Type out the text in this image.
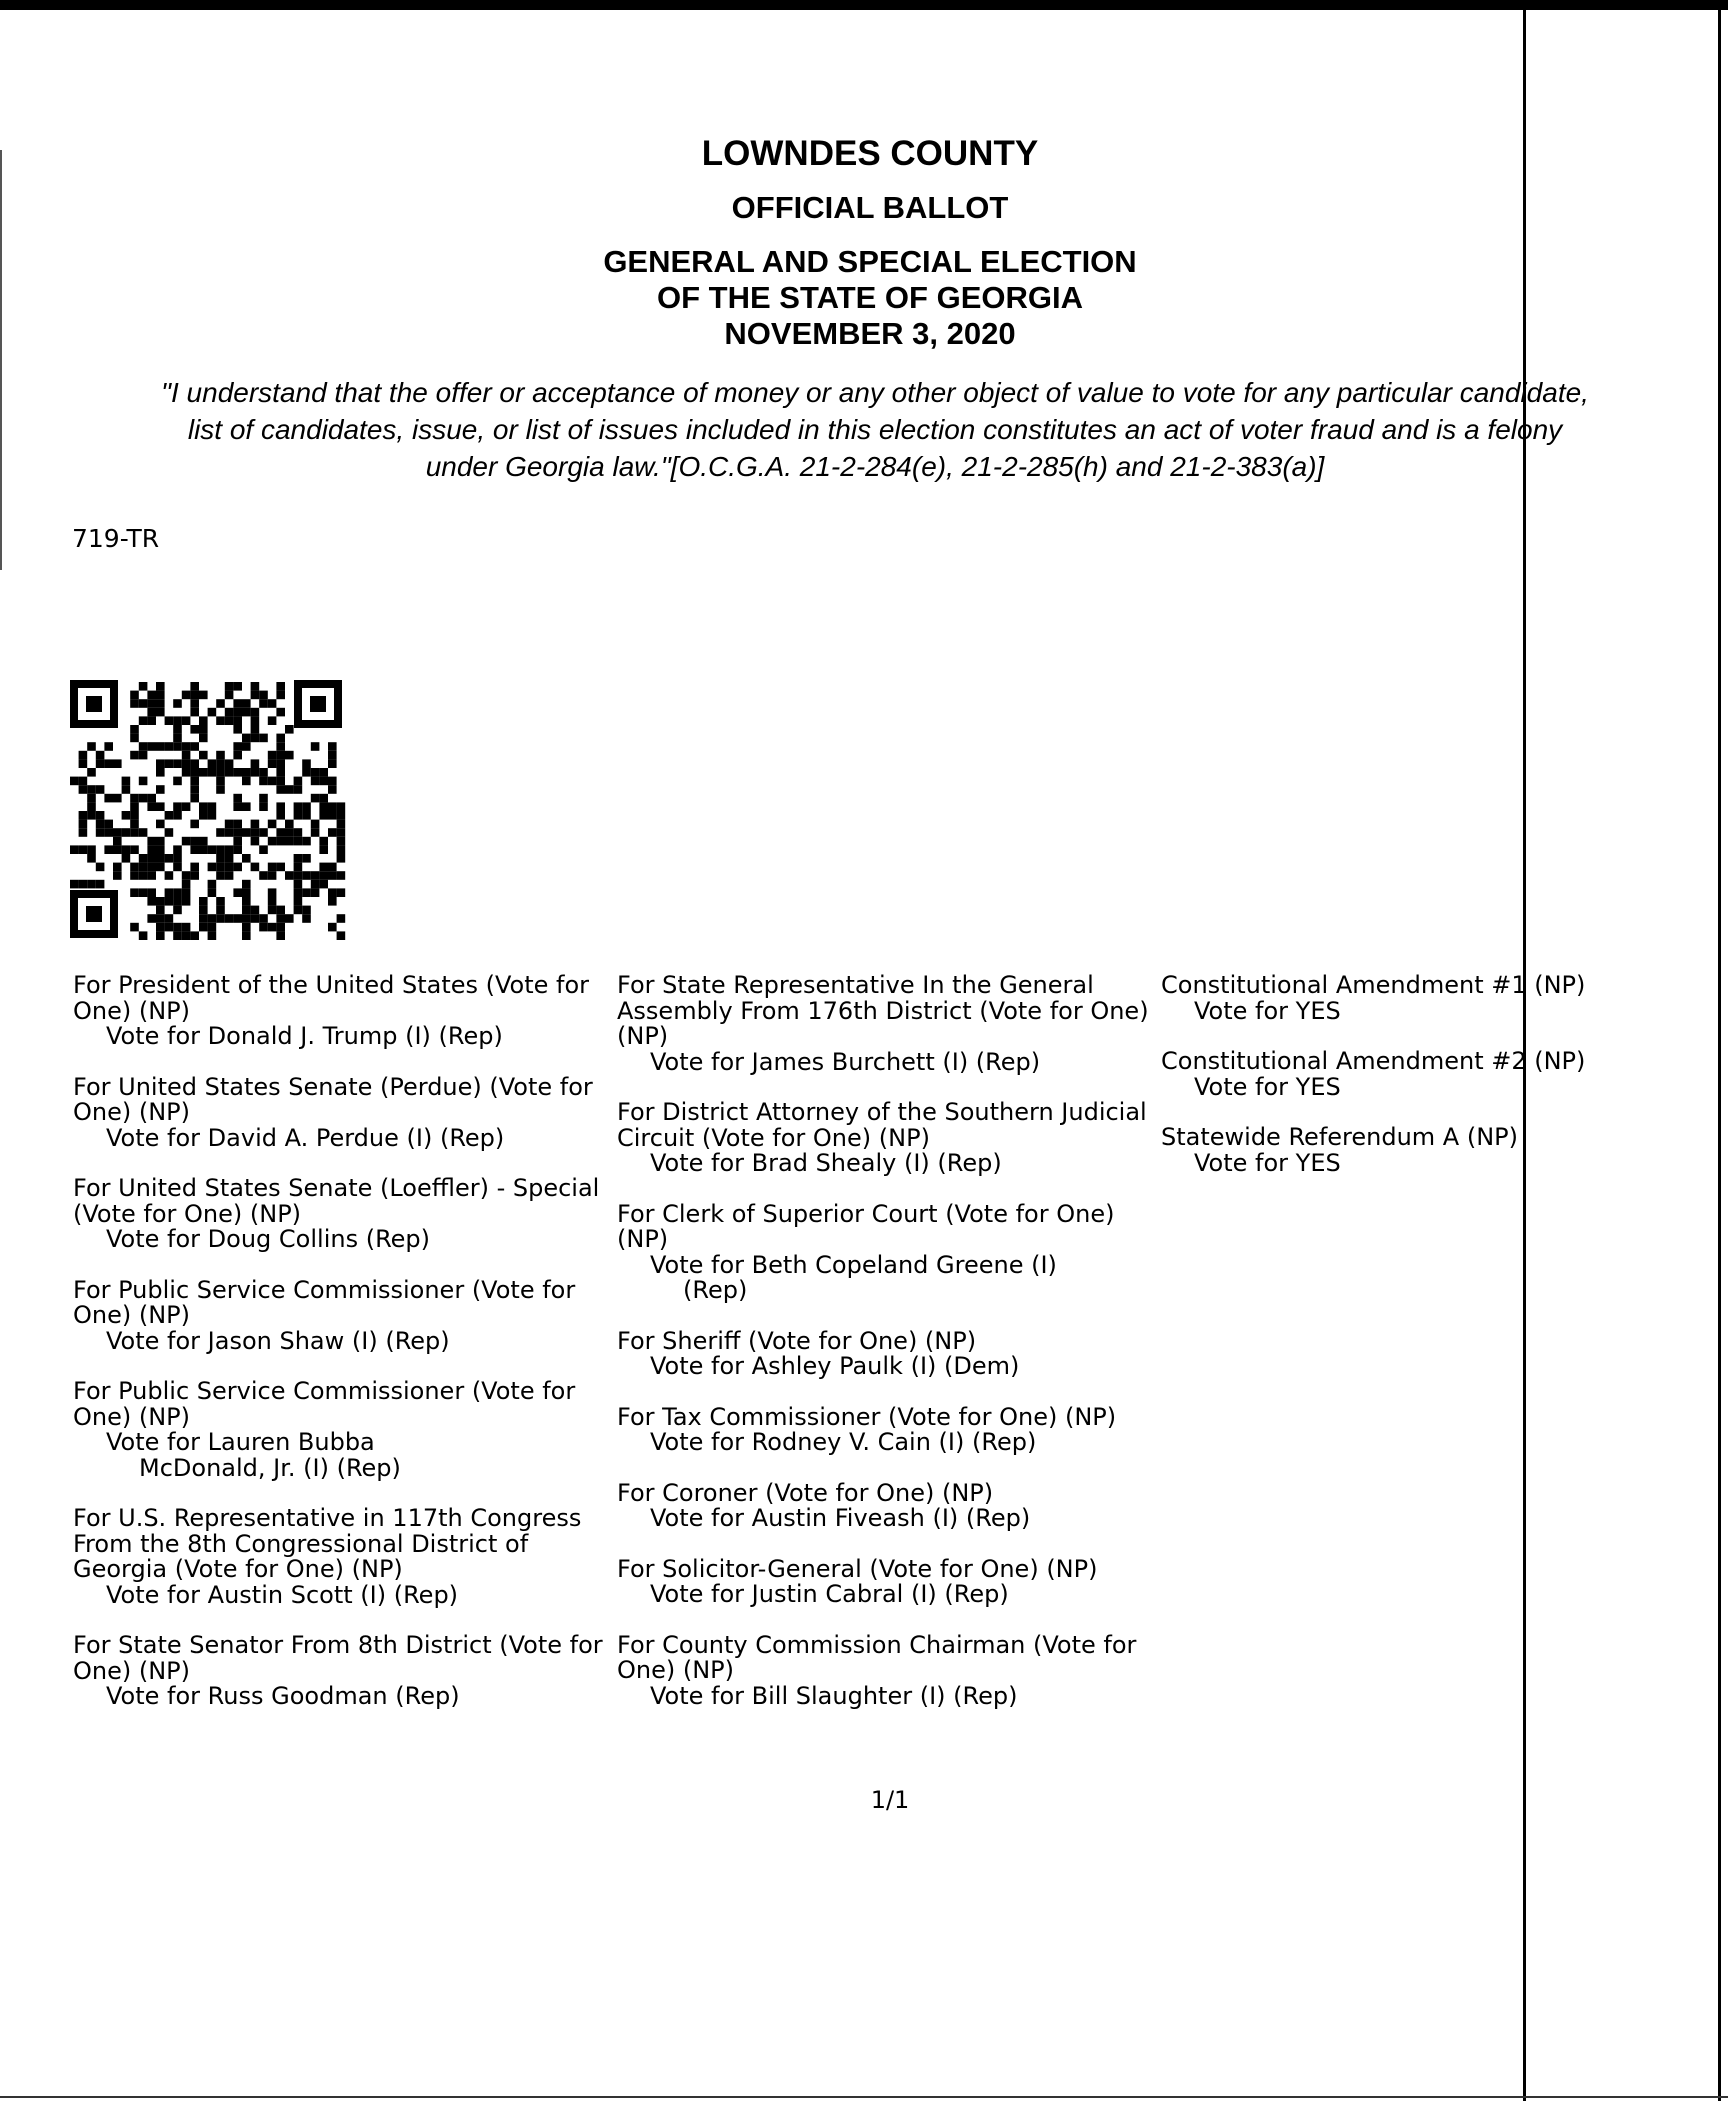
LOWNDES COUNTY
OFFICIAL BALLOT
GENERAL AND SPECIAL ELECTION
OF THE STATE OF GEORGIA
NOVEMBER 3, 2020
"I understand that the offer or acceptance of money or any other object of value to vote for any particular candidate,
list of candidates, issue, or list of issues included in this election constitutes an act of voter fraud and is a felony
under Georgia law."[O.C.G.A. 21-2-284(e), 21-2-285(h) and 21-2-383(a)]
719-TR
For President of the United States (Vote for One) (NP)
Vote for Donald J. Trump (I) (Rep)
For United States Senate (Perdue) (Vote for One) (NP)
Vote for David A. Perdue (I) (Rep)
For United States Senate (Loeffler) - Special (Vote for One) (NP)
Vote for Doug Collins (Rep)
For Public Service Commissioner (Vote for One) (NP)
Vote for Jason Shaw (I) (Rep)
For Public Service Commissioner (Vote for One) (NP)
Vote for Lauren Bubba
McDonald, Jr. (I) (Rep)
For U.S. Representative in 117th Congress From the 8th Congressional District of Georgia (Vote for One) (NP)
Vote for Austin Scott (I) (Rep)
For State Senator From 8th District (Vote for One) (NP)
Vote for Russ Goodman (Rep)
For State Representative In the General Assembly From 176th District (Vote for One) (NP)
Vote for James Burchett (I) (Rep)
For District Attorney of the Southern Judicial Circuit (Vote for One) (NP)
Vote for Brad Shealy (I) (Rep)
For Clerk of Superior Court (Vote for One) (NP)
Vote for Beth Copeland Greene (I)
(Rep)
For Sheriff (Vote for One) (NP)
Vote for Ashley Paulk (I) (Dem)
For Tax Commissioner (Vote for One) (NP)
Vote for Rodney V. Cain (I) (Rep)
For Coroner (Vote for One) (NP)
Vote for Austin Fiveash (I) (Rep)
For Solicitor-General (Vote for One) (NP)
Vote for Justin Cabral (I) (Rep)
For County Commission Chairman (Vote for One) (NP)
Vote for Bill Slaughter (I) (Rep)
Constitutional Amendment #1 (NP)
Vote for YES
Constitutional Amendment #2 (NP)
Vote for YES
Statewide Referendum A (NP)
Vote for YES
1/1
